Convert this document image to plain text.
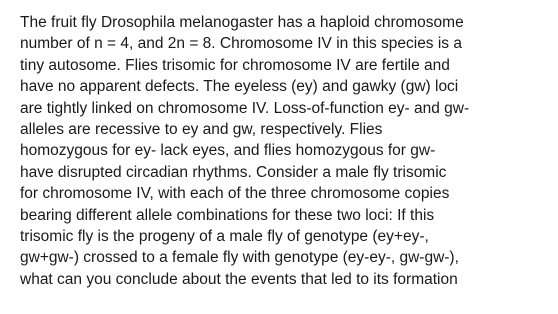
The fruit fly Drosophila melanogaster has a haploid chromosome
number of n = 4, and 2n = 8. Chromosome IV in this species is a
tiny autosome. Flies trisomic for chromosome IV are fertile and
have no apparent defects. The eyeless (ey) and gawky (gw) loci
are tightly linked on chromosome IV. Loss-of-function ey- and gw-
alleles are recessive to ey and gw, respectively. Flies
homozygous for ey- lack eyes, and flies homozygous for gw-
have disrupted circadian rhythms. Consider a male fly trisomic
for chromosome IV, with each of the three chromosome copies
bearing different allele combinations for these two loci: If this
trisomic fly is the progeny of a male fly of genotype (ey+ey-,
gw+gw-) crossed to a female fly with genotype (ey-ey-, gw-gw-),
what can you conclude about the events that led to its formation
